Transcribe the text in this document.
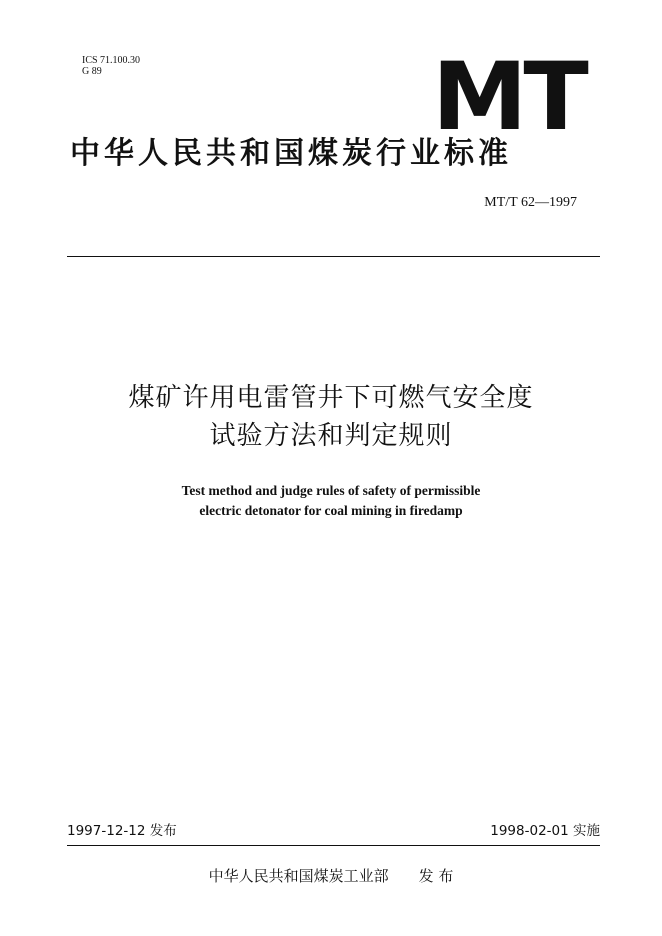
ICS 71.100.30
G 89	MT
中华人民共和国煤炭行业标准
MT/T 62—1997
煤矿许用电雷管井下可燃气安全度
试验方法和判定规则
Test method and judge rules of safety of permissible
electric detonator for coal mining in firedamp
1997-12-12 发布	1998-02-01 实施
中华人民共和国煤炭工业部 发 布
